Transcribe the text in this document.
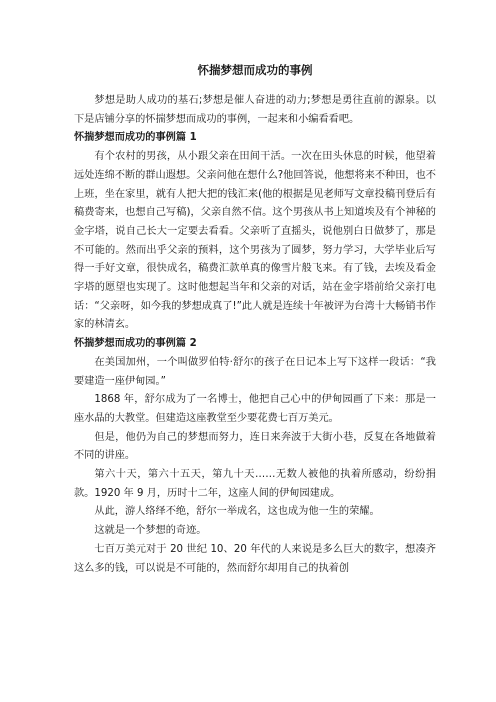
怀揣梦想而成功的事例

梦想是助人成功的基石;梦想是催人奋进的动力;梦想是勇往直前的源泉。以下是店铺分享的怀揣梦想而成功的事例，一起来和小编看看吧。

怀揣梦想而成功的事例篇 1

有个农村的男孩，从小跟父亲在田间干活。一次在田头休息的时候，他望着远处连绵不断的群山遐想。父亲问他在想什么?他回答说，他想将来不种田，也不上班，坐在家里，就有人把大把的钱汇来(他的根据是见老师写文章投稿刊登后有稿费寄来，也想自己写稿)，父亲自然不信。这个男孩从书上知道埃及有个神秘的金字塔，说自己长大一定要去看看。父亲听了直摇头，说他别白日做梦了，那是不可能的。然而出乎父亲的预料，这个男孩为了圆梦，努力学习，大学毕业后写得一手好文章，很快成名，稿费汇款单真的像雪片般飞来。有了钱，去埃及看金字塔的愿望也实现了。这时他想起当年和父亲的对话，站在金字塔前给父亲打电话：“父亲呀，如今我的梦想成真了!”此人就是连续十年被评为台湾十大畅销书作家的林清玄。

怀揣梦想而成功的事例篇 2

在美国加州，一个叫做罗伯特·舒尔的孩子在日记本上写下这样一段话：“我要建造一座伊甸园。”

1868 年，舒尔成为了一名博士，他把自己心中的伊甸园画了下来：那是一座水晶的大教堂。但建造这座教堂至少要花费七百万美元。

但是，他仍为自己的梦想而努力，连日来奔波于大街小巷，反复在各地做着不同的讲座。

第六十天，第六十五天，第九十天……无数人被他的执着所感动，纷纷捐款。1920 年 9 月，历时十二年，这座人间的伊甸园建成。

从此，游人络绎不绝，舒尔一举成名，这也成为他一生的荣耀。

这就是一个梦想的奇迹。

七百万美元对于 20 世纪 10、20 年代的人来说是多么巨大的数字，想凑齐这么多的钱，可以说是不可能的，然而舒尔却用自己的执着创
